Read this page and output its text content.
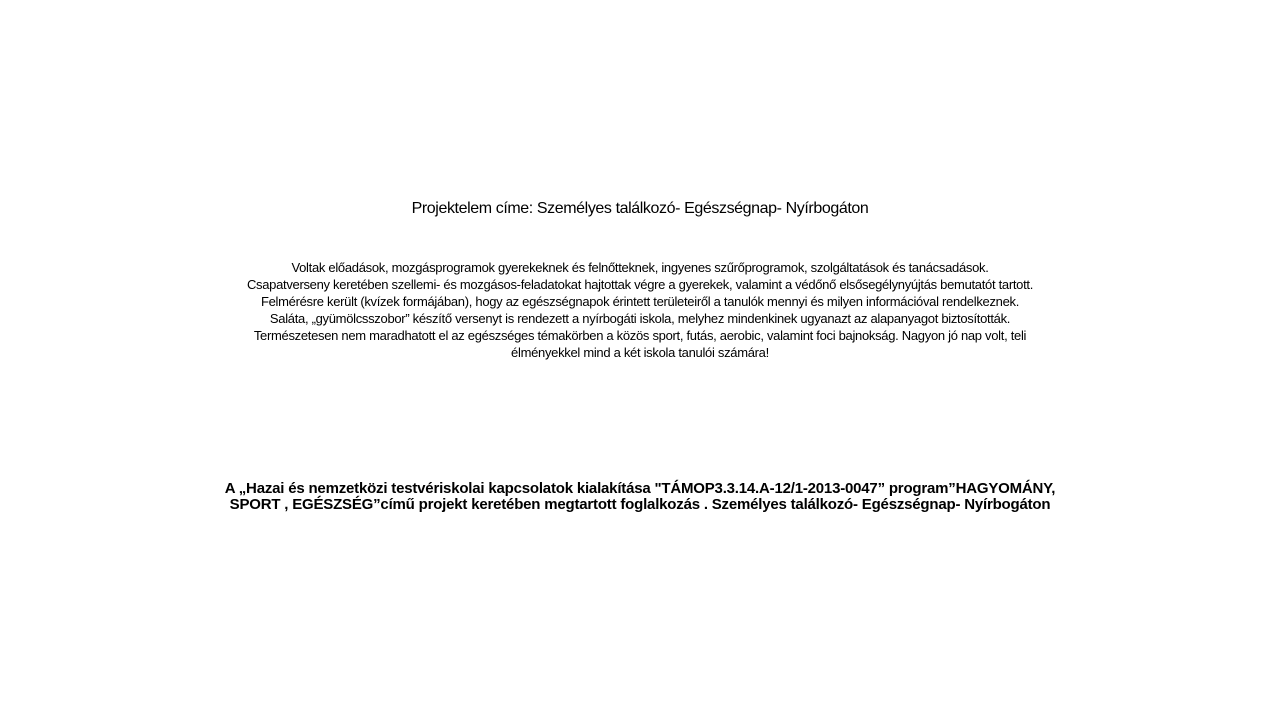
Projektelem címe: Személyes találkozó- Egészségnap- Nyírbogáton
Voltak előadások, mozgásprogramok gyerekeknek és felnőtteknek, ingyenes szűrőprogramok, szolgáltatások és tanácsadások.
Csapatverseny keretében szellemi- és mozgásos-feladatokat hajtottak végre a gyerekek, valamint a védőnő elsősegélynyújtás bemutatót tartott.
Felmérésre került (kvízek formájában), hogy az egészségnapok érintett területeiről a tanulók mennyi és milyen információval rendelkeznek.
Saláta, „gyümölcsszobor” készítő versenyt is rendezett a nyírbogáti iskola, melyhez mindenkinek ugyanazt az alapanyagot biztosították.
Természetesen nem maradhatott el az egészséges témakörben a közös sport, futás, aerobic, valamint foci bajnokság. Nagyon jó nap volt, teli
élményekkel mind a két iskola tanulói számára!
A „Hazai és nemzetközi testvériskolai kapcsolatok kialakítása "TÁMOP3.3.14.A-12/1-2013-0047” program”HAGYOMÁNY,
SPORT , EGÉSZSÉG”című projekt keretében megtartott foglalkozás . Személyes találkozó- Egészségnap- Nyírbogáton
